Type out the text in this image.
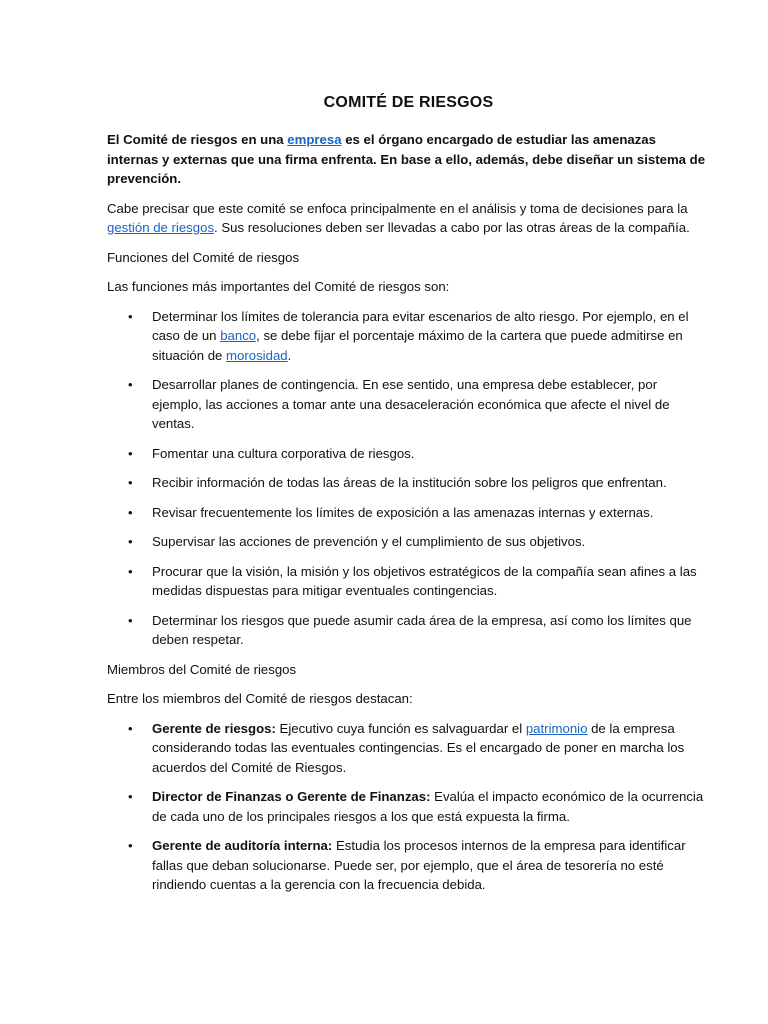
COMITÉ DE RIESGOS

El Comité de riesgos en una empresa es el órgano encargado de estudiar las amenazas internas y externas que una firma enfrenta. En base a ello, además, debe diseñar un sistema de prevención.

Cabe precisar que este comité se enfoca principalmente en el análisis y toma de decisiones para la gestión de riesgos. Sus resoluciones deben ser llevadas a cabo por las otras áreas de la compañía.

Funciones del Comité de riesgos

Las funciones más importantes del Comité de riesgos son:

• Determinar los límites de tolerancia para evitar escenarios de alto riesgo. Por ejemplo, en el caso de un banco, se debe fijar el porcentaje máximo de la cartera que puede admitirse en situación de morosidad.
• Desarrollar planes de contingencia. En ese sentido, una empresa debe establecer, por ejemplo, las acciones a tomar ante una desaceleración económica que afecte el nivel de ventas.
• Fomentar una cultura corporativa de riesgos.
• Recibir información de todas las áreas de la institución sobre los peligros que enfrentan.
• Revisar frecuentemente los límites de exposición a las amenazas internas y externas.
• Supervisar las acciones de prevención y el cumplimiento de sus objetivos.
• Procurar que la visión, la misión y los objetivos estratégicos de la compañía sean afines a las medidas dispuestas para mitigar eventuales contingencias.
• Determinar los riesgos que puede asumir cada área de la empresa, así como los límites que deben respetar.

Miembros del Comité de riesgos

Entre los miembros del Comité de riesgos destacan:

• Gerente de riesgos: Ejecutivo cuya función es salvaguardar el patrimonio de la empresa considerando todas las eventuales contingencias. Es el encargado de poner en marcha los acuerdos del Comité de Riesgos.
• Director de Finanzas o Gerente de Finanzas: Evalúa el impacto económico de la ocurrencia de cada uno de los principales riesgos a los que está expuesta la firma.
• Gerente de auditoría interna: Estudia los procesos internos de la empresa para identificar fallas que deban solucionarse. Puede ser, por ejemplo, que el área de tesorería no esté rindiendo cuentas a la gerencia con la frecuencia debida.
